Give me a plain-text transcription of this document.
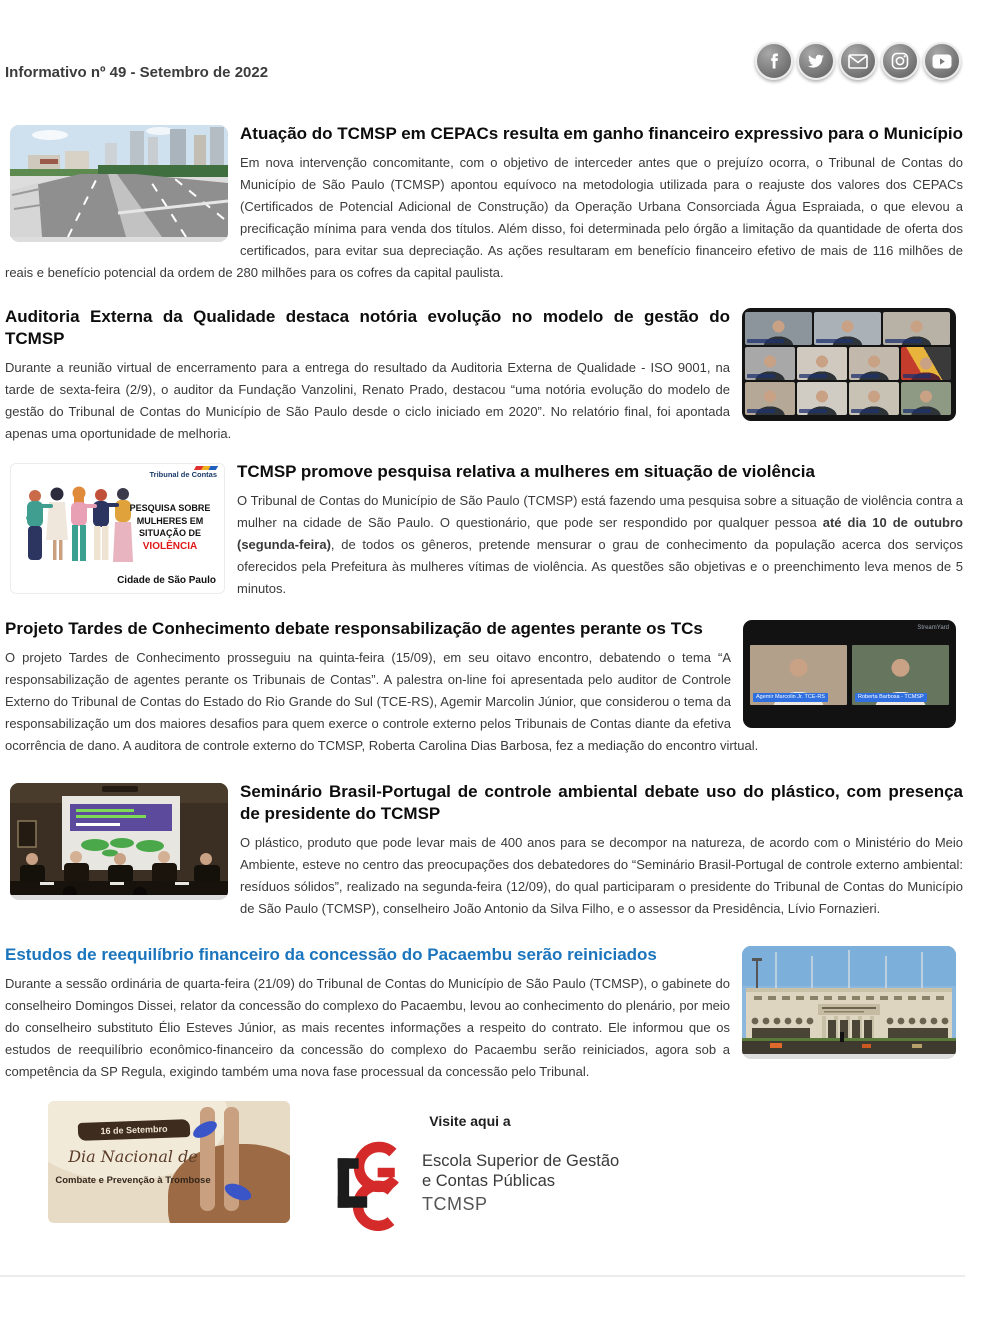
Informativo nº 49 - Setembro de 2022
Atuação do TCMSP em CEPACs resulta em ganho financeiro expressivo para o Município

Em nova intervenção concomitante, com o objetivo de interceder antes que o prejuízo ocorra, o Tribunal de Contas do Município de São Paulo (TCMSP) apontou equívoco na metodologia utilizada para o reajuste dos valores dos CEPACs (Certificados de Potencial Adicional de Construção) da Operação Urbana Consorciada Água Espraiada, o que elevou a precificação mínima para venda dos títulos. Além disso, foi determinada pelo órgão a limitação da quantidade de oferta dos certificados, para evitar sua depreciação. As ações resultaram em benefício financeiro efetivo de mais de 116 milhões de reais e benefício potencial da ordem de 280 milhões para os cofres da capital paulista.

Auditoria Externa da Qualidade destaca notória evolução no modelo de gestão do TCMSP

Durante a reunião virtual de encerramento para a entrega do resultado da Auditoria Externa de Qualidade - ISO 9001, na tarde de sexta-feira (2/9), o auditor da Fundação Vanzolini, Renato Prado, destacou “uma notória evolução do modelo de gestão do Tribunal de Contas do Município de São Paulo desde o ciclo iniciado em 2020”. No relatório final, foi apontada apenas uma oportunidade de melhoria.

Tribunal de Contas
PESQUISA SOBRE
MULHERES EM
SITUAÇÃO DE
VIOLÊNCIA
Cidade de São Paulo
TCMSP promove pesquisa relativa a mulheres em situação de violência

O Tribunal de Contas do Município de São Paulo (TCMSP) está fazendo uma pesquisa sobre a situação de violência contra a mulher na cidade de São Paulo. O questionário, que pode ser respondido por qualquer pessoa até dia 10 de outubro (segunda-feira), de todos os gêneros, pretende mensurar o grau de conhecimento da população acerca dos serviços oferecidos pela Prefeitura às mulheres vítimas de violência. As questões são objetivas e o preenchimento leva menos de 5 minutos.

StreamYard
Agemir Marcolin Jr. TCE-RS	Roberta Barbosa - TCMSP
Projeto Tardes de Conhecimento debate responsabilização de agentes perante os TCs

O projeto Tardes de Conhecimento prosseguiu na quinta-feira (15/09), em seu oitavo encontro, debatendo o tema “A responsabilização de agentes perante os Tribunais de Contas”. A palestra on-line foi apresentada pelo auditor de Controle Externo do Tribunal de Contas do Estado do Rio Grande do Sul (TCE-RS), Agemir Marcolin Júnior, que considerou o tema da responsabilização um dos maiores desafios para quem exerce o controle externo pelos Tribunais de Contas diante da efetiva ocorrência de dano. A auditora de controle externo do TCMSP, Roberta Carolina Dias Barbosa, fez a mediação do encontro virtual.

Seminário Brasil-Portugal de controle ambiental debate uso do plástico, com presença de presidente do TCMSP

O plástico, produto que pode levar mais de 400 anos para se decompor na natureza, de acordo com o Ministério do Meio Ambiente, esteve no centro das preocupações dos debatedores do “Seminário Brasil-Portugal de controle externo ambiental: resíduos sólidos”, realizado na segunda-feira (12/09), do qual participaram o presidente do Tribunal de Contas do Município de São Paulo (TCMSP), conselheiro João Antonio da Silva Filho, e o assessor da Presidência, Lívio Fornazieri.

Estudos de reequilíbrio financeiro da concessão do Pacaembu serão reiniciados

Durante a sessão ordinária de quarta-feira (21/09) do Tribunal de Contas do Município de São Paulo (TCMSP), o gabinete do conselheiro Domingos Dissei, relator da concessão do complexo do Pacaembu, levou ao conhecimento do plenário, por meio do conselheiro substituto Élio Esteves Júnior, as mais recentes informações a respeito do contrato. Ele informou que os estudos de reequilíbrio econômico-financeiro da concessão do complexo do Pacaembu serão reiniciados, agora sob a competência da SP Regula, exigindo também uma nova fase processual da concessão pelo Tribunal.

16 de Setembro
Dia Nacional de
Combate e Prevenção à Trombose
Visite aqui a
Escola Superior de Gestão
e Contas Públicas
TCMSP
